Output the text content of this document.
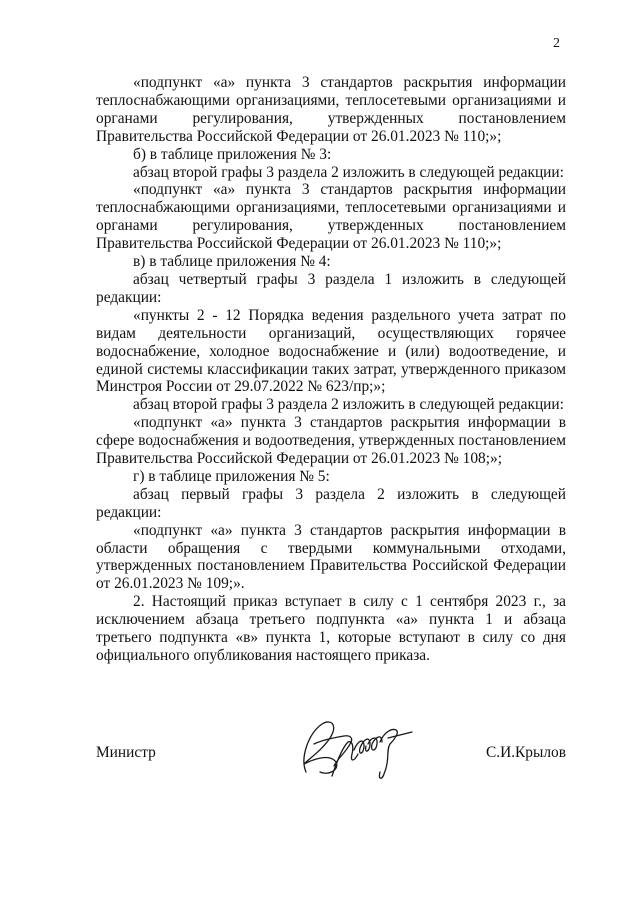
2

«подпункт «а» пункта 3 стандартов раскрытия информации теплоснабжающими организациями, теплосетевыми организациями и органами регулирования, утвержденных постановлением Правительства Российской Федерации от 26.01.2023 № 110;»;

б) в таблице приложения № 3:

абзац второй графы 3 раздела 2 изложить в следующей редакции:

«подпункт «а» пункта 3 стандартов раскрытия информации теплоснабжающими организациями, теплосетевыми организациями и органами регулирования, утвержденных постановлением Правительства Российской Федерации от 26.01.2023 № 110;»;

в) в таблице приложения № 4:

абзац четвертый графы 3 раздела 1 изложить в следующей редакции:

«пункты 2 - 12 Порядка ведения раздельного учета затрат по видам деятельности организаций, осуществляющих горячее водоснабжение, холодное водоснабжение и (или) водоотведение, и единой системы классификации таких затрат, утвержденного приказом Минстроя России от 29.07.2022 № 623/пр;»;

абзац второй графы 3 раздела 2 изложить в следующей редакции:

«подпункт «а» пункта 3 стандартов раскрытия информации в сфере водоснабжения и водоотведения, утвержденных постановлением Правительства Российской Федерации от 26.01.2023 № 108;»;

г) в таблице приложения № 5:

абзац первый графы 3 раздела 2 изложить в следующей редакции:

«подпункт «а» пункта 3 стандартов раскрытия информации в области обращения с твердыми коммунальными отходами, утвержденных постановлением Правительства Российской Федерации от 26.01.2023 № 109;».

2. Настоящий приказ вступает в силу с 1 сентября 2023 г., за исключением абзаца третьего подпункта «а» пункта 1 и абзаца третьего подпункта «в» пункта 1, которые вступают в силу со дня официального опубликования настоящего приказа.

Министр	С.И.Крылов
